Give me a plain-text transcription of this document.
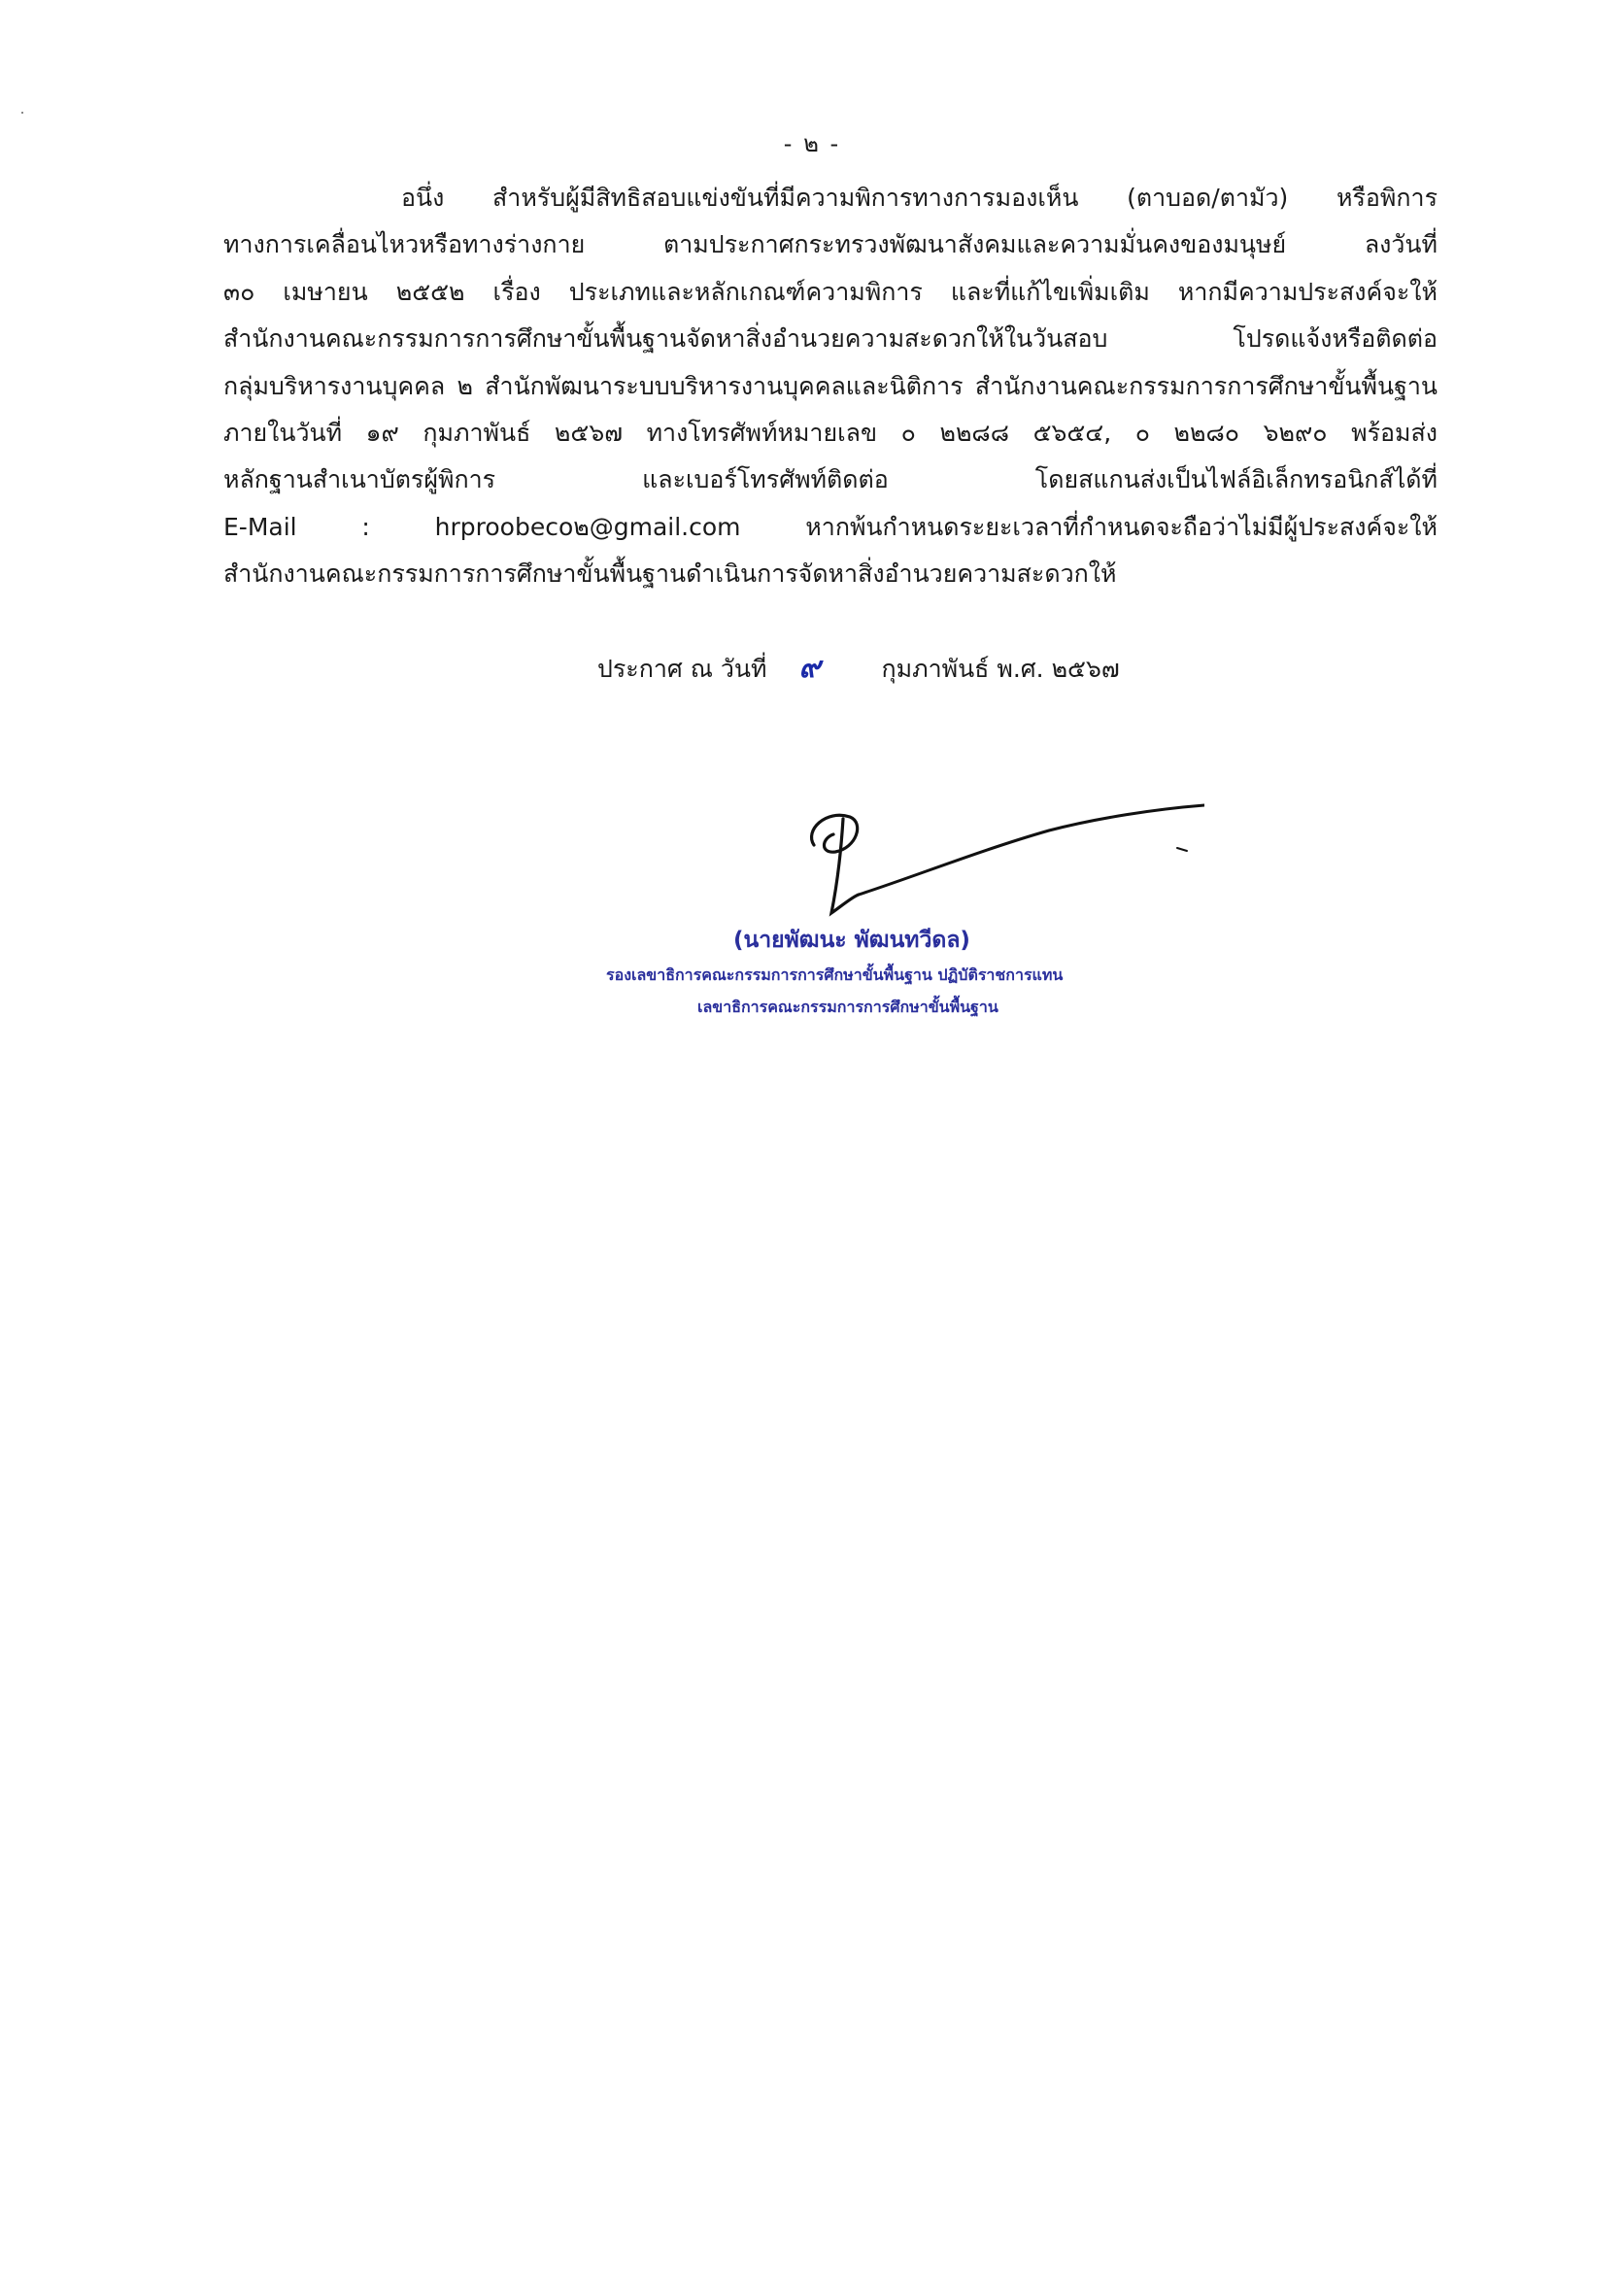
- ๒ -
อนึ่ง สำหรับผู้มีสิทธิสอบแข่งขันที่มีความพิการทางการมองเห็น (ตาบอด/ตามัว) หรือพิการ
ทางการเคลื่อนไหวหรือทางร่างกาย ตามประกาศกระทรวงพัฒนาสังคมและความมั่นคงของมนุษย์ ลงวันที่
๓๐ เมษายน ๒๕๕๒ เรื่อง ประเภทและหลักเกณฑ์ความพิการ และที่แก้ไขเพิ่มเติม หากมีความประสงค์จะให้
สำนักงานคณะกรรมการการศึกษาขั้นพื้นฐานจัดหาสิ่งอำนวยความสะดวกให้ในวันสอบ โปรดแจ้งหรือติดต่อ
กลุ่มบริหารงานบุคคล ๒ สำนักพัฒนาระบบบริหารงานบุคคลและนิติการ สำนักงานคณะกรรมการการศึกษาขั้นพื้นฐาน
ภายในวันที่ ๑๙ กุมภาพันธ์ ๒๕๖๗ ทางโทรศัพท์หมายเลข ๐ ๒๒๘๘ ๕๖๕๔, ๐ ๒๒๘๐ ๖๒๙๐ พร้อมส่ง
หลักฐานสำเนาบัตรผู้พิการ และเบอร์โทรศัพท์ติดต่อ โดยสแกนส่งเป็นไฟล์อิเล็กทรอนิกส์ได้ที่
E-Mail : hrproobeco๒@gmail.com หากพ้นกำหนดระยะเวลาที่กำหนดจะถือว่าไม่มีผู้ประสงค์จะให้
สำนักงานคณะกรรมการการศึกษาขั้นพื้นฐานดำเนินการจัดหาสิ่งอำนวยความสะดวกให้
ประกาศ ณ วันที่ ๙	กุมภาพันธ์ พ.ศ. ๒๕๖๗
(นายพัฒนะ พัฒนทวีดล)
รองเลขาธิการคณะกรรมการการศึกษาขั้นพื้นฐาน ปฏิบัติราชการแทน
เลขาธิการคณะกรรมการการศึกษาขั้นพื้นฐาน
